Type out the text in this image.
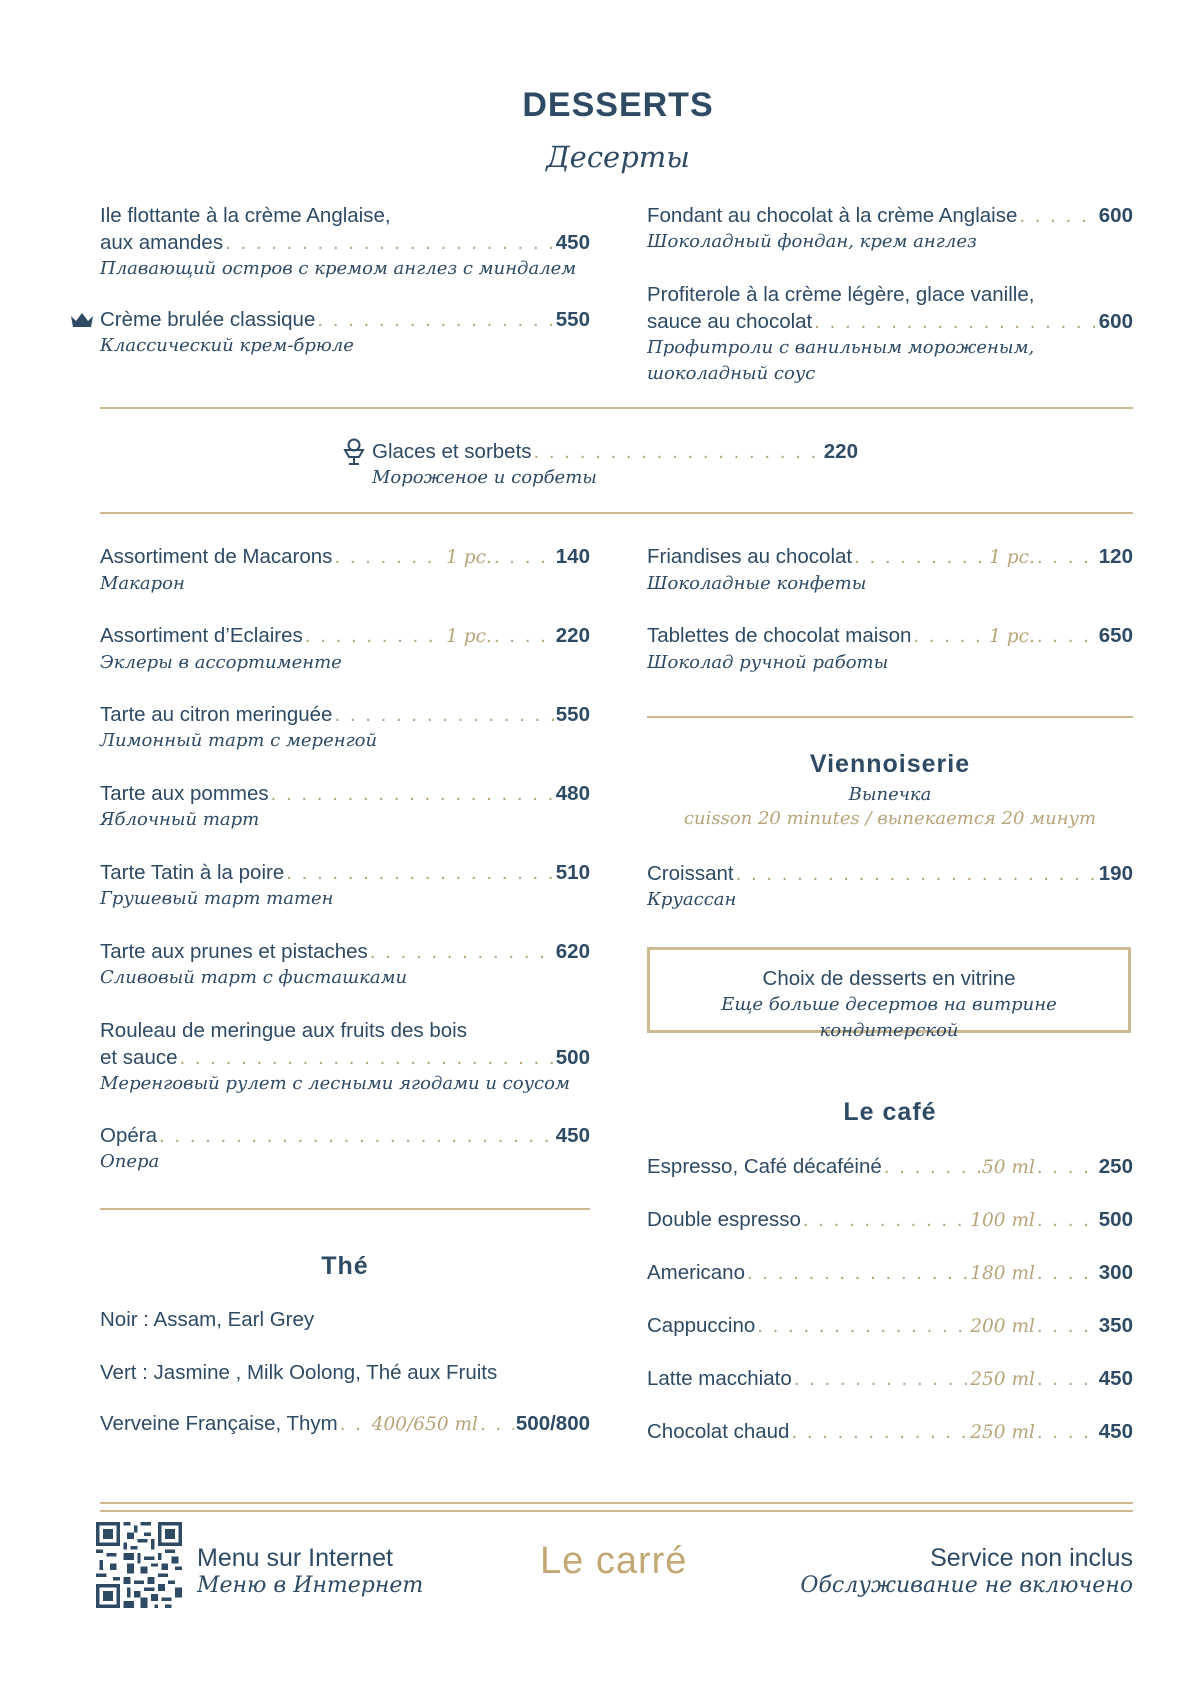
DESSERTS
Десерты
Ile flottante à la crème Anglaise,
aux amandes . . .	450
Плавающий остров с кремом англез с миндалем
Crème brulée classique . . .	550
Классический крем-брюле
Fondant au chocolat à la crème Anglaise . . .	600
Шоколадный фондан, крем англез
Profiterole à la crème légère, glace vanille,
sauce au chocolat . . .	600
Профитроли с ванильным мороженым,
шоколадный соус
Glaces et sorbets . . .	220
Мороженое и сорбеты
Assortiment de Macarons . . .	1 pc. . . . . 140
Макарон
Assortiment d’Eclaires . . .	1 pc. . . . . 220
Эклеры в ассортименте
Tarte au citron meringuée . . .	550
Лимонный тарт с меренгой
Tarte aux pommes . . .	480
Яблочный тарт
Tarte Tatin à la poire . . .	510
Грушевый тарт татен
Tarte aux prunes et pistaches . . .	620
Сливовый тарт с фисташками
Rouleau de meringue aux fruits des bois
et sauce . . .	500
Меренговый рулет с лесными ягодами и соусом
Opéra . . .	450
Опера
Thé
Noir : Assam, Earl Grey
Vert : Jasmine , Milk Oolong, Thé aux Fruits
Verveine Française, Thym . . . 400/650 ml . . . 500/800
Friandises au chocolat . . .	1 pc. . . . . 120
Шоколадные конфеты
Tablettes de chocolat maison . . .	1 pc. . . . . 650
Шоколад ручной работы
Viennoiserie
Выпечка
cuisson 20 minutes / выпекается 20 минут
Croissant . . .	190
Круассан
Choix de desserts en vitrine
Еще больше десертов на витрине кондитерской
Le café
Espresso, Café décaféiné . . .	50 ml . . . . 250
Double espresso . . .	100 ml . . . . 500
Americano . . .	180 ml . . . . 300
Cappuccino . . .	200 ml . . . . 350
Latte macchiato . . .	250 ml . . . . 450
Chocolat chaud . . .	250 ml . . . . 450
Menu sur Internet
Меню в Интернет
Le carré	Service non inclus
Обслуживание не включено
